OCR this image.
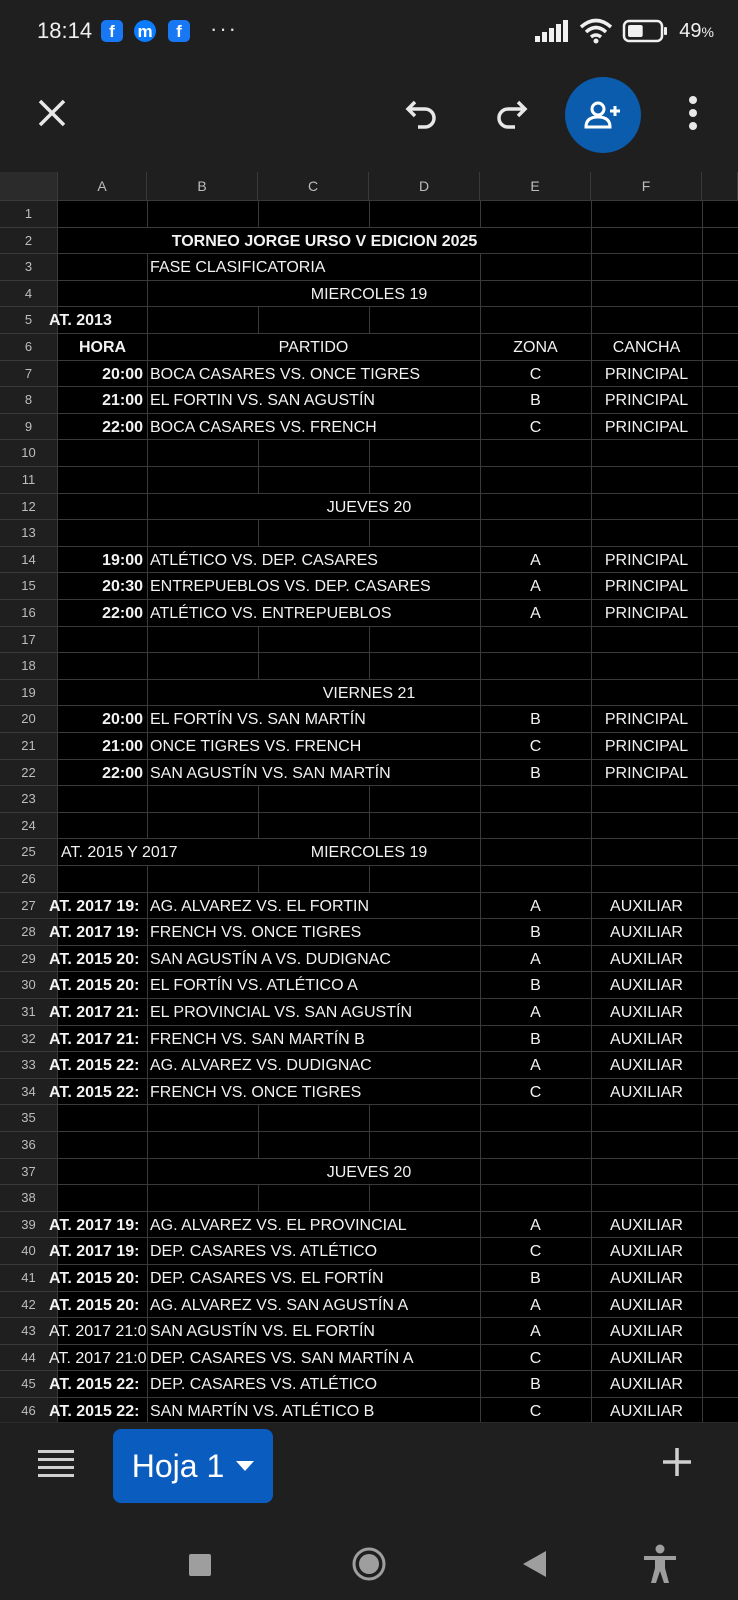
18:14	f	m	f	···	49%
A	B	C	D	E	F
1
2	TORNEO JORGE URSO V EDICION 2025
3	FASE CLASIFICATORIA
4	MIERCOLES 19
5	AT. 2013
6	HORA	PARTIDO	ZONA	CANCHA
7	20:00 BOCA CASARES VS. ONCE TIGRES	C	PRINCIPAL
8	21:00 EL FORTIN VS. SAN AGUSTÍN	B	PRINCIPAL
9	22:00 BOCA CASARES VS. FRENCH	C	PRINCIPAL
10
11
12	JUEVES 20
13
14	19:00 ATLÉTICO VS. DEP. CASARES	A	PRINCIPAL
15	20:30 ENTREPUEBLOS VS. DEP. CASARES	A	PRINCIPAL
16	22:00 ATLÉTICO VS. ENTREPUEBLOS	A	PRINCIPAL
17
18
19	VIERNES 21
20	20:00 EL FORTÍN VS. SAN MARTÍN	B	PRINCIPAL
21	21:00 ONCE TIGRES VS. FRENCH	C	PRINCIPAL
22	22:00 SAN AGUSTÍN VS. SAN MARTÍN	B	PRINCIPAL
23
24
25	AT. 2015 Y 2017	MIERCOLES 19
26
27 AT. 2017 19: AG. ALVAREZ VS. EL FORTIN	A	AUXILIAR
28 AT. 2017 19: FRENCH VS. ONCE TIGRES	B	AUXILIAR
29 AT. 2015 20: SAN AGUSTÍN A VS. DUDIGNAC	A	AUXILIAR
30 AT. 2015 20: EL FORTÍN VS. ATLÉTICO A	B	AUXILIAR
31 AT. 2017 21: EL PROVINCIAL VS. SAN AGUSTÍN	A	AUXILIAR
32 AT. 2017 21: FRENCH VS. SAN MARTÍN B	B	AUXILIAR
33 AT. 2015 22: AG. ALVAREZ VS. DUDIGNAC	A	AUXILIAR
34 AT. 2015 22: FRENCH VS. ONCE TIGRES	C	AUXILIAR
35
36
37	JUEVES 20
38
39 AT. 2017 19: AG. ALVAREZ VS. EL PROVINCIAL	A	AUXILIAR
40 AT. 2017 19: DEP. CASARES VS. ATLÉTICO	C	AUXILIAR
41 AT. 2015 20: DEP. CASARES VS. EL FORTÍN	B	AUXILIAR
42 AT. 2015 20: AG. ALVAREZ VS. SAN AGUSTÍN A	A	AUXILIAR
43 AT. 2017 21:0 SAN AGUSTÍN VS. EL FORTÍN	A	AUXILIAR
44 AT. 2017 21:0 DEP. CASARES VS. SAN MARTÍN A	C	AUXILIAR
45 AT. 2015 22: DEP. CASARES VS. ATLÉTICO	B	AUXILIAR
46 AT. 2015 22: SAN MARTÍN VS. ATLÉTICO B	C	AUXILIAR
Hoja 1
